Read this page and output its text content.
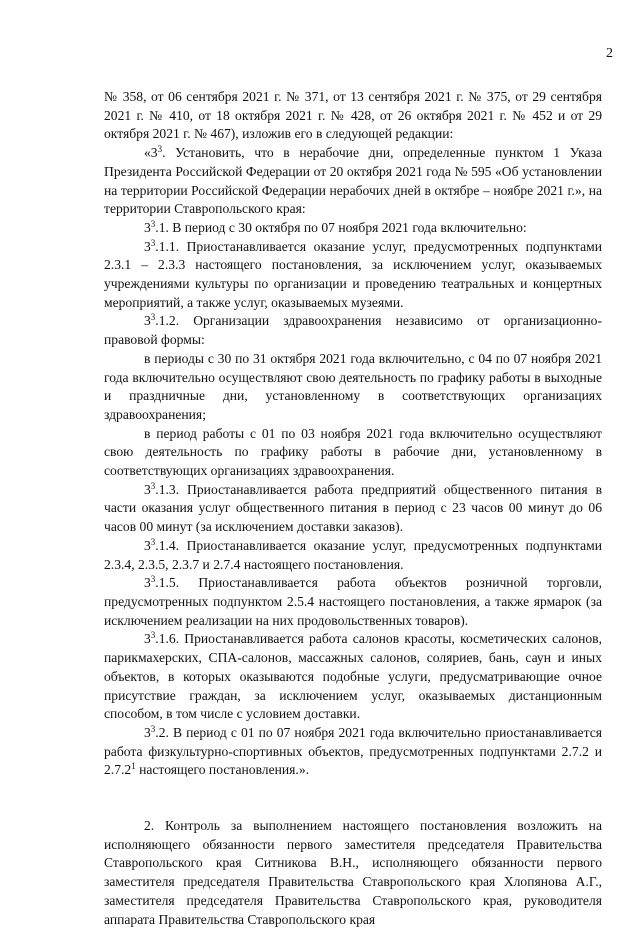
2

№ 358, от 06 сентября 2021 г. № 371, от 13 сентября 2021 г. № 375, от 29 сентября 2021 г. № 410, от 18 октября 2021 г. № 428, от 26 октября 2021 г. № 452 и от 29 октября 2021 г. № 467), изложив его в следующей редакции:

«$3^3$. Установить, что в нерабочие дни, определенные пунктом 1 Указа Президента Российской Федерации от 20 октября 2021 года № 595 «Об установлении на территории Российской Федерации нерабочих дней в октябре – ноябре 2021 г.», на территории Ставропольского края:

$3^3.1$. В период с 30 октября по 07 ноября 2021 года включительно:

$3^3.1.1$. Приостанавливается оказание услуг, предусмотренных подпунктами 2.3.1 – 2.3.3 настоящего постановления, за исключением услуг, оказываемых учреждениями культуры по организации и проведению театральных и концертных мероприятий, а также услуг, оказываемых музеями.

$3^3.1.2$. Организации здравоохранения независимо от организационно-правовой формы:

в периоды с 30 по 31 октября 2021 года включительно, с 04 по 07 ноября 2021 года включительно осуществляют свою деятельность по графику работы в выходные и праздничные дни, установленному в соответствующих организациях здравоохранения;

в период работы с 01 по 03 ноября 2021 года включительно осуществляют свою деятельность по графику работы в рабочие дни, установленному в соответствующих организациях здравоохранения.

$3^3.1.3$. Приостанавливается работа предприятий общественного питания в части оказания услуг общественного питания в период с 23 часов 00 минут до 06 часов 00 минут (за исключением доставки заказов).

$3^3.1.4$. Приостанавливается оказание услуг, предусмотренных подпунктами 2.3.4, 2.3.5, 2.3.7 и 2.7.4 настоящего постановления.

$3^3.1.5$. Приостанавливается работа объектов розничной торговли, предусмотренных подпунктом 2.5.4 настоящего постановления, а также ярмарок (за исключением реализации на них продовольственных товаров).

$3^3.1.6$. Приостанавливается работа салонов красоты, косметических салонов, парикмахерских, СПА-салонов, массажных салонов, соляриев, бань, саун и иных объектов, в которых оказываются подобные услуги, предусматривающие очное присутствие граждан, за исключением услуг, оказываемых дистанционным способом, в том числе с условием доставки.

$3^3.2$. В период с 01 по 07 ноября 2021 года включительно приостанавливается работа физкультурно-спортивных объектов, предусмотренных подпунктами 2.7.2 и 2.7.2$^1$ настоящего постановления.».

2. Контроль за выполнением настоящего постановления возложить на исполняющего обязанности первого заместителя председателя Правительства Ставропольского края Ситникова В.Н., исполняющего обязанности первого заместителя председателя Правительства Ставропольского края Хлопянова А.Г., заместителя председателя Правительства Ставропольского края, руководителя аппарата Правительства Ставропольского края
